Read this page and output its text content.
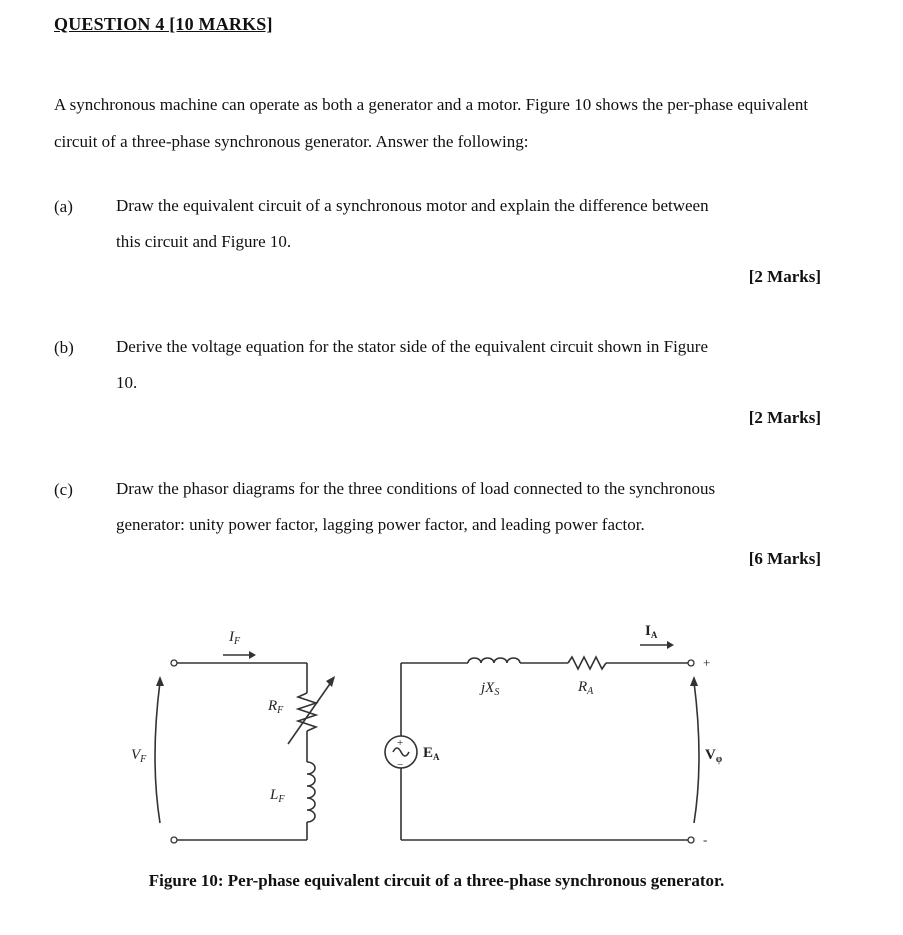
QUESTION 4 [10 MARKS]
A synchronous machine can operate as both a generator and a motor. Figure 10 shows the per-phase equivalent circuit of a three-phase synchronous generator. Answer the following:
(a)	Draw the equivalent circuit of a synchronous motor and explain the difference between
this circuit and Figure 10.
[2 Marks]
(b) Derive the voltage equation for the stator side of the equivalent circuit shown in Figure
10.
[2 Marks]
(c)	Draw the phasor diagrams for the three conditions of load connected to the synchronous
generator: unity power factor, lagging power factor, and leading power factor.
[6 Marks]
$I_F$
$V_F$
$R_F$
$L_F$
$jX_S$	$R_A$
$E_A$
$I_A$
$V_\varphi$
+
−
+
-
Figure 10: Per-phase equivalent circuit of a three-phase synchronous generator.
